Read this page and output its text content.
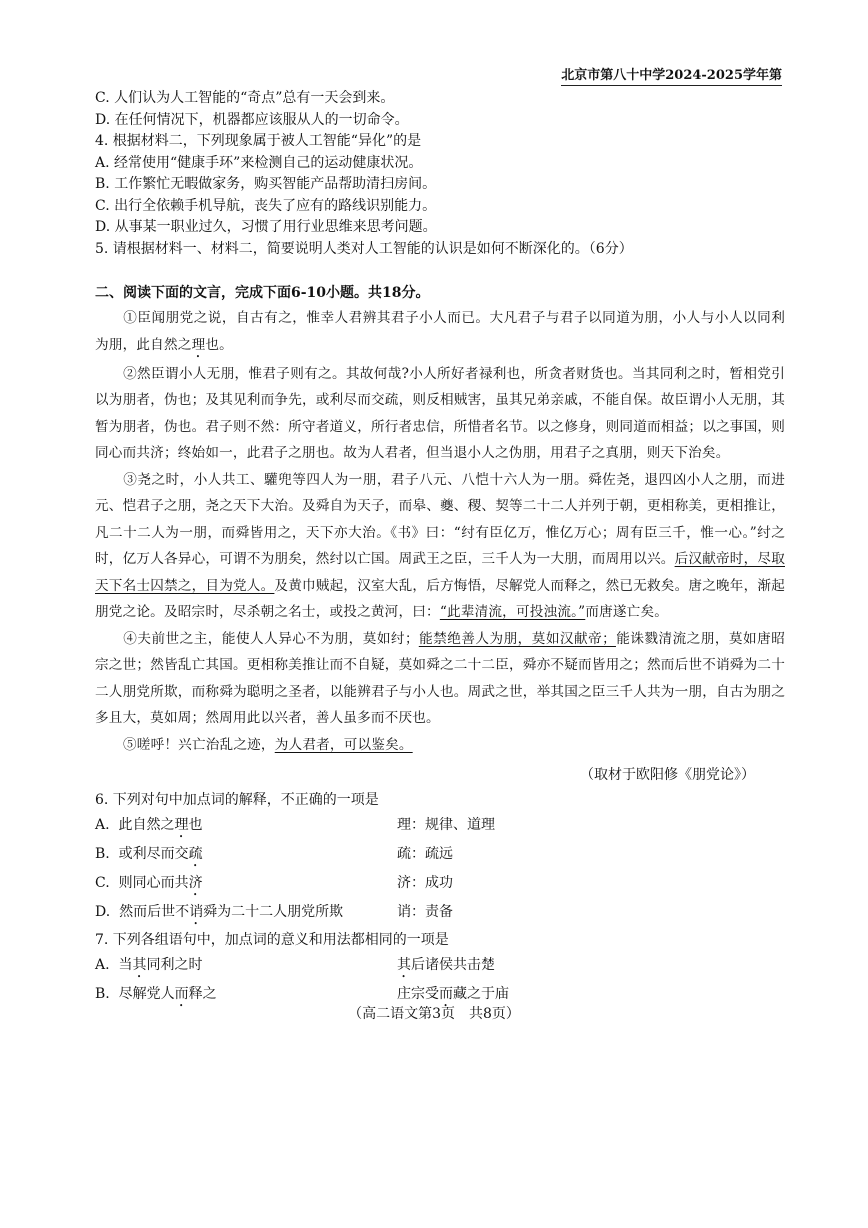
北京市第八十中学2024-2025学年第
C. 人们认为人工智能的“奇点”总有一天会到来。
D. 在任何情况下，机器都应该服从人的一切命令。
4. 根据材料二，下列现象属于被人工智能“异化”的是
A. 经常使用“健康手环”来检测自己的运动健康状况。
B. 工作繁忙无暇做家务，购买智能产品帮助清扫房间。
C. 出行全依赖手机导航，丧失了应有的路线识别能力。
D. 从事某一职业过久，习惯了用行业思维来思考问题。
5. 请根据材料一、材料二，简要说明人类对人工智能的认识是如何不断深化的。（6分）
二、阅读下面的文言，完成下面6-10小题。共18分。
①臣闻朋党之说，自古有之，惟幸人君辨其君子小人而已。大凡君子与君子以同道为朋，小人与小人以同利为朋，此自然之理也。
②然臣谓小人无朋，惟君子则有之。其故何哉?小人所好者禄利也，所贪者财货也。当其同利之时，暂相党引以为朋者，伪也；及其见利而争先，或利尽而交疏，则反相贼害，虽其兄弟亲戚，不能自保。故臣谓小人无朋，其暂为朋者，伪也。君子则不然：所守者道义，所行者忠信，所惜者名节。以之修身，则同道而相益；以之事国，则同心而共济；终始如一，此君子之朋也。故为人君者，但当退小人之伪朋，用君子之真朋，则天下治矣。
③尧之时，小人共工、驩兜等四人为一朋，君子八元、八恺十六人为一朋。舜佐尧，退四凶小人之朋，而进元、恺君子之朋，尧之天下大治。及舜自为天子，而皋、夔、稷、契等二十二人并列于朝，更相称美，更相推让，凡二十二人为一朋，而舜皆用之，天下亦大治。《书》曰：“纣有臣亿万，惟亿万心；周有臣三千，惟一心。”纣之时，亿万人各异心，可谓不为朋矣，然纣以亡国。周武王之臣，三千人为一大朋，而周用以兴。后汉献帝时，尽取天下名士囚禁之，目为党人。及黄巾贼起，汉室大乱，后方悔悟，尽解党人而释之，然已无救矣。唐之晚年，渐起朋党之论。及昭宗时，尽杀朝之名士，或投之黄河，曰：“此辈清流，可投浊流。”而唐遂亡矣。
④夫前世之主，能使人人异心不为朋，莫如纣；能禁绝善人为朋，莫如汉献帝；能诛戮清流之朋，莫如唐昭宗之世；然皆乱亡其国。更相称美推让而不自疑，莫如舜之二十二臣，舜亦不疑而皆用之；然而后世不诮舜为二十二人朋党所欺，而称舜为聪明之圣者，以能辨君子与小人也。周武之世，举其国之臣三千人共为一朋，自古为朋之多且大，莫如周；然周用此以兴者，善人虽多而不厌也。
⑤嗟呼！兴亡治乱之迹，为人君者，可以鉴矣。
（取材于欧阳修《朋党论》）
6. 下列对句中加点词的解释，不正确的一项是
A. 此自然之理也	理：规律、道理
B. 或利尽而交疏	疏：疏远
C. 则同心而共济	济：成功
D. 然而后世不诮舜为二十二人朋党所欺	诮：责备
7. 下列各组语句中，加点词的意义和用法都相同的一项是
A. 当其同利之时	其后诸侯共击楚
B. 尽解党人而释之	庄宗受而藏之于庙
（高二语文第3页　共8页）
